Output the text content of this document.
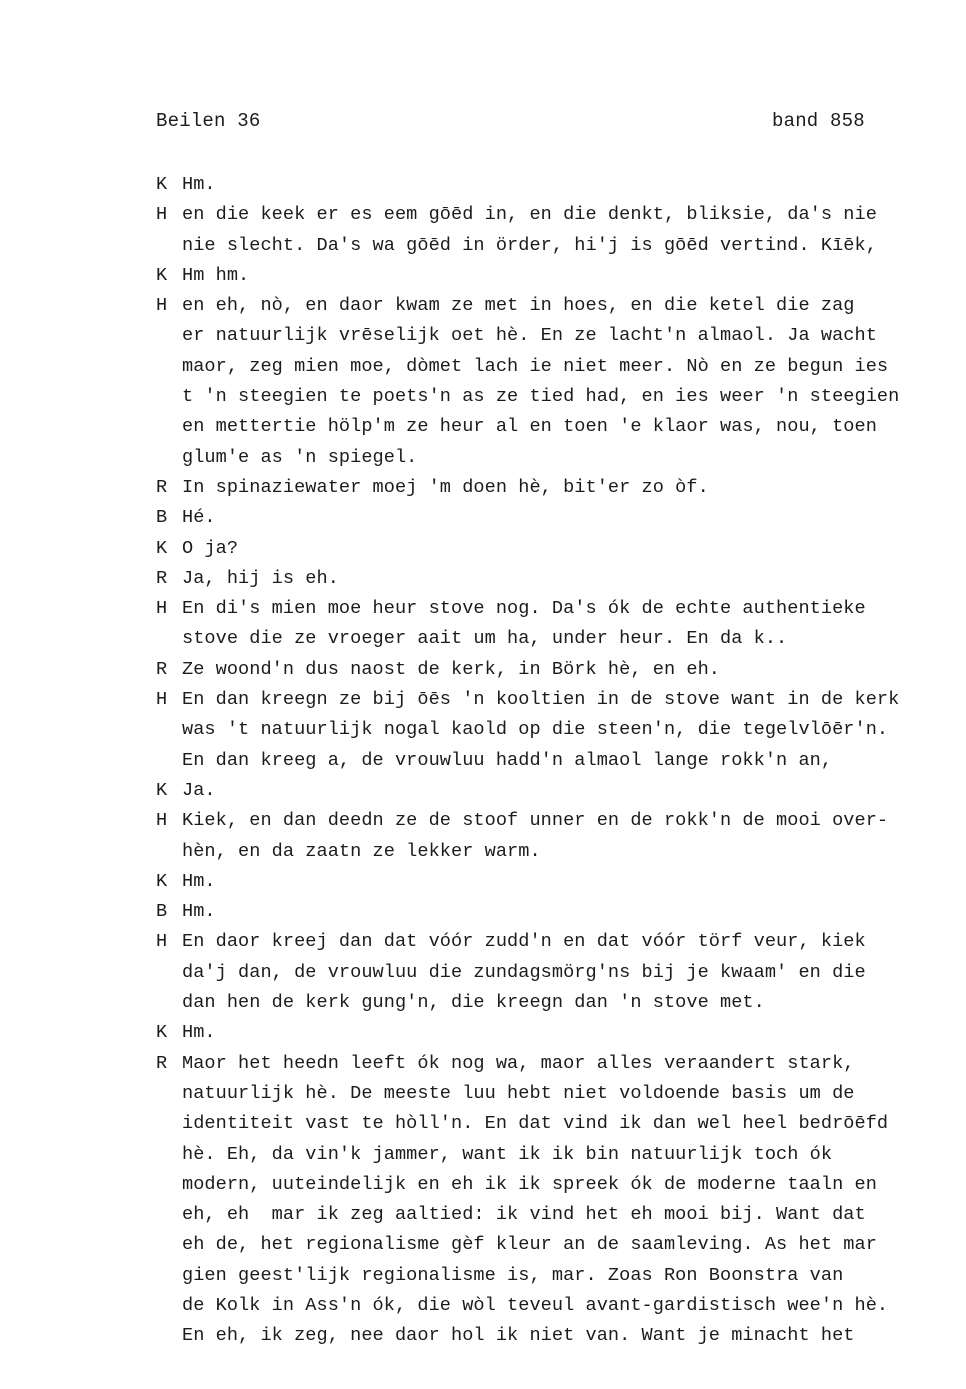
Beilen 36	band 858
K Hm.
H en die keek er es eem gōēd in, en die denkt, bliksie, da's nie
nie slecht. Da's wa gōēd in örder, hi'j is gōēd vertind. Kīēk,
K Hm hm.
H en eh, nò, en daor kwam ze met in hoes, en die ketel die zag
er natuurlijk vrēselijk oet hè. En ze lacht'n almaol. Ja wacht
maor, zeg mien moe, dòmet lach ie niet meer. Nò en ze begun ies
t 'n steegien te poets'n as ze tied had, en ies weer 'n steegien
en mettertie hölp'm ze heur al en toen 'e klaor was, nou, toen
glum'e as 'n spiegel.
R In spinaziewater moej 'm doen hè, bit'er zo òf.
B Hé.
K O ja?
R Ja, hij is eh.
H En di's mien moe heur stove nog. Da's ók de echte authentieke
stove die ze vroeger aait um ha, under heur. En da k..
R Ze woond'n dus naost de kerk, in Börk hè, en eh.
H En dan kreegn ze bij ōēs 'n kooltien in de stove want in de kerk
was 't natuurlijk nogal kaold op die steen'n, die tegelvlōēr'n.
En dan kreeg a, de vrouwluu hadd'n almaol lange rokk'n an,
K Ja.
H Kiek, en dan deedn ze de stoof unner en de rokk'n de mooi over-
hèn, en da zaatn ze lekker warm.
K Hm.
B Hm.
H En daor kreej dan dat vóór zudd'n en dat vóór törf veur, kiek
da'j dan, de vrouwluu die zundagsmörg'ns bij je kwaam' en die
dan hen de kerk gung'n, die kreegn dan 'n stove met.
K Hm.
R Maor het heedn leeft ók nog wa, maor alles veraandert stark,
natuurlijk hè. De meeste luu hebt niet voldoende basis um de
identiteit vast te hòll'n. En dat vind ik dan wel heel bedrōēfd
hè. Eh, da vin'k jammer, want ik ik bin natuurlijk toch ók
modern, uuteindelijk en eh ik ik spreek ók de moderne taaln en
eh, eh  mar ik zeg aaltied: ik vind het eh mooi bij. Want dat
eh de, het regionalisme gèf kleur an de saamleving. As het mar
gien geest'lijk regionalisme is, mar. Zoas Ron Boonstra van
de Kolk in Ass'n ók, die wòl teveul avant-gardistisch wee'n hè.
En eh, ik zeg, nee daor hol ik niet van. Want je minacht het
